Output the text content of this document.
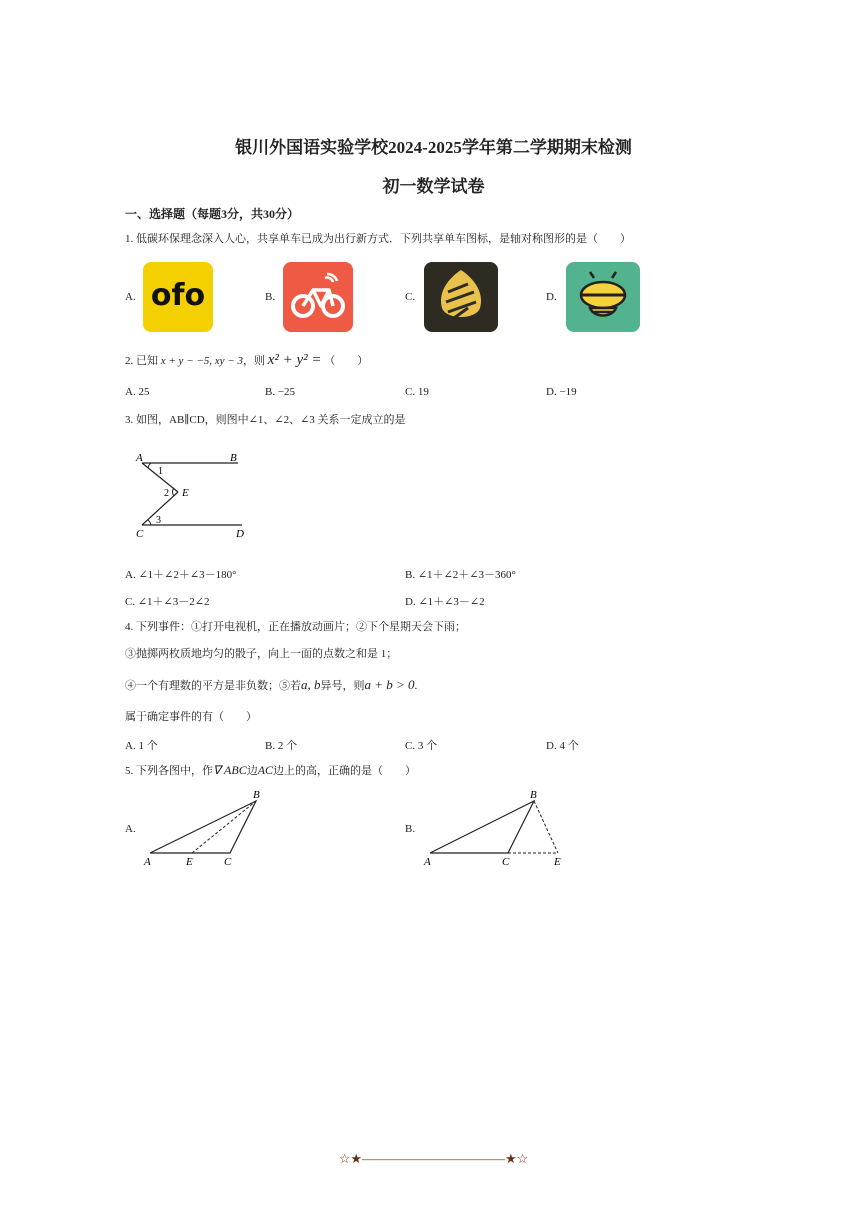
银川外国语实验学校2024-2025学年第二学期期末检测
初一数学试卷
一、选择题（每题3分，共30分）
1. 低碳环保理念深入人心，共享单车已成为出行新方式．下列共享单车图标，是轴对称图形的是（　　）
A. ofo	B.	C.	D.
2. 已知 x + y − −5, xy − 3，则 x² + y² = （　　）
A. 25	B. −25	C. 19	D. −19
3. 如图，AB∥CD，则图中∠1、∠2、∠3 关系一定成立的是
A	B
C	D
E
1
2
3
A. ∠1＋∠2＋∠3－180°	B. ∠1＋∠2＋∠3－360°
C. ∠1＋∠3－2∠2	D. ∠1＋∠3－∠2
4. 下列事件：①打开电视机，正在播放动画片；②下个星期天会下雨；
③抛掷两枚质地均匀的骰子，向上一面的点数之和是 1；
④一个有理数的平方是非负数；⑤若a, b异号，则a + b > 0.
属于确定事件的有（　　）
A. 1 个	B. 2 个	C. 3 个	D. 4 个
5. 下列各图中，作∇ ABC边AC边上的高，正确的是（　　）
A.
A
B
C
E
B.
A
B
C	E
☆★———————————★☆
